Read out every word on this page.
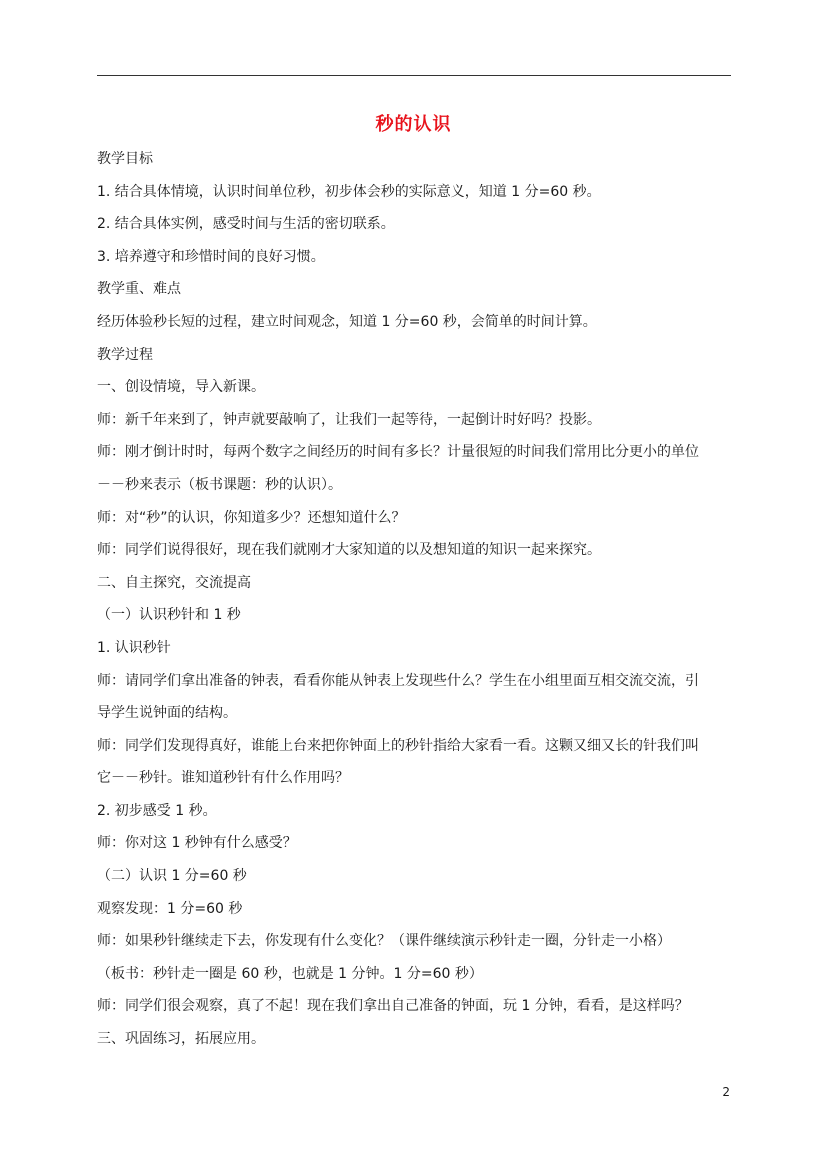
秒的认识
教学目标
1. 结合具体情境，认识时间单位秒，初步体会秒的实际意义，知道 1 分=60 秒。
2. 结合具体实例，感受时间与生活的密切联系。
3. 培养遵守和珍惜时间的良好习惯。
教学重、难点
经历体验秒长短的过程，建立时间观念，知道 1 分=60 秒，会简单的时间计算。
教学过程
一、创设情境，导入新课。
师：新千年来到了，钟声就要敲响了，让我们一起等待，一起倒计时好吗？投影。
师：刚才倒计时时，每两个数字之间经历的时间有多长？计量很短的时间我们常用比分更小的单位
－－秒来表示（板书课题：秒的认识）。
师：对“秒”的认识，你知道多少？还想知道什么？
师：同学们说得很好，现在我们就刚才大家知道的以及想知道的知识一起来探究。
二、自主探究，交流提高
（一）认识秒针和 1 秒
1. 认识秒针
师：请同学们拿出准备的钟表，看看你能从钟表上发现些什么？学生在小组里面互相交流交流，引
导学生说钟面的结构。
师：同学们发现得真好，谁能上台来把你钟面上的秒针指给大家看一看。这颗又细又长的针我们叫
它－－秒针。谁知道秒针有什么作用吗？
2. 初步感受 1 秒。
师：你对这 1 秒钟有什么感受？
（二）认识 1 分=60 秒
观察发现：1 分=60 秒
师：如果秒针继续走下去，你发现有什么变化？（课件继续演示秒针走一圈，分针走一小格）
（板书：秒针走一圈是 60 秒，也就是 1 分钟。1 分=60 秒）
师：同学们很会观察，真了不起！现在我们拿出自己准备的钟面，玩 1 分钟，看看，是这样吗？
三、巩固练习，拓展应用。
2
